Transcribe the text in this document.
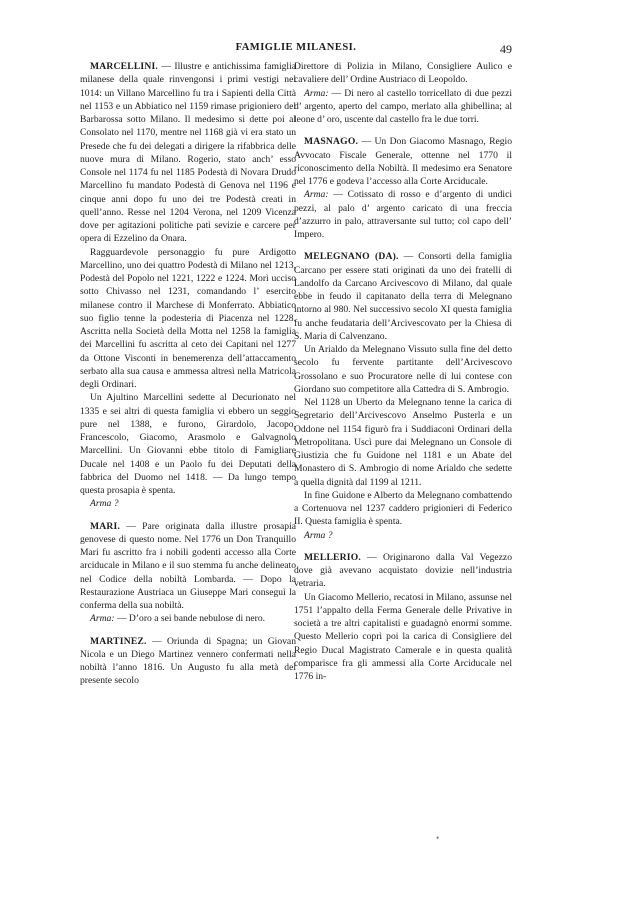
FAMIGLIE MILANESI.	49

MARCELLINI. — Illustre e antichissima famiglia milanese della quale rinvengonsi i primi vestigi nel 1014: un Villano Marcellino fu tra i Sapienti della Città nel 1153 e un Abbiatico nel 1159 rimase prigioniero del Barbarossa sotto Milano. Il medesimo si dette poi al Consolato nel 1170, mentre nel 1168 già vi era stato un Presede che fu dei delegati a dirigere la rifabbrica delle nuove mura di Milano. Rogerio, stato anch’ esso Console nel 1174 fu nel 1185 Podestà di Novara Drudo Marcellino fu mandato Podestà di Genova nel 1196 e cinque anni dopo fu uno dei tre Podestà creati in quell’anno. Resse nel 1204 Verona, nel 1209 Vicenza dove per agitazioni politiche patì sevizie e carcere per opera di Ezzelino da Onara.

Ragguardevole personaggio fu pure Ardigotto Marcellino, uno dei quattro Podestà di Milano nel 1213, Podestà del Popolo nel 1221, 1222 e 1224. Morì ucciso sotto Chivasso nel 1231, comandando l’ esercito milanese contro il Marchese di Monferrato. Abbiatico suo figlio tenne la podesteria di Piacenza nel 1228. Ascritta nella Società della Motta nel 1258 la famiglia dei Marcellini fu ascritta al ceto dei Capitani nel 1277 da Ottone Visconti in benemerenza dell’attaccamento serbato alla sua causa e ammessa altresì nella Matricola degli Ordinari.

Un Ajultino Marcellini sedette al Decurionato nel 1335 e sei altri di questa famiglia vi ebbero un seggio pure nel 1388, e furono, Girardolo, Jacopo, Francescolo, Giacomo, Arasmolo e Galvagnolo Marcellini. Un Giovanni ebbe titolo di Famigliare Ducale nel 1408 e un Paolo fu dei Deputati della fabbrica del Duomo nel 1418. — Da lungo tempo questa prosapia è spenta.

Arma ?

MARI. — Pare originata dalla illustre prosapia genovese di questo nome. Nel 1776 un Don Tranquillo Mari fu ascritto fra i nobili godenti accesso alla Corte arciducale in Milano e il suo stemma fu anche delineato nel Codice della nobiltà Lombarda. — Dopo la Restaurazione Austriaca un Giuseppe Mari conseguì la conferma della sua nobiltà.

Arma: — D’oro a sei bande nebulose di nero.

MARTINEZ. — Oriunda di Spagna; un Giovan Nicola e un Diego Martinez vennero confermati nella nobiltà l’anno 1816. Un Augusto fu alla metà del presente secolo

Direttore di Polizia in Milano, Consigliere Aulico e cavaliere dell’ Ordine Austriaco di Leopoldo.

Arma: — Di nero al castello torricellato di due pezzi d’ argento, aperto del campo, merlato alla ghibellina; al leone d’ oro, uscente dal castello fra le due torri.

MASNAGO. — Un Don Giacomo Masnago, Regio Avvocato Fiscale Generale, ottenne nel 1770 il riconoscimento della Nobiltà. Il medesimo era Senatore nel 1776 e godeva l’accesso alla Corte Arciducale.

Arma: — Cotissato di rosso e d’argento di undici pezzi, al palo d’ argento caricato di una freccia d’azzurro in palo, attraversante sul tutto; col capo dell’ Impero.

MELEGNANO (DA). — Consorti della famiglia Carcano per essere stati originati da uno dei fratelli di Landolfo da Carcano Arcivescovo di Milano, dal quale ebbe in feudo il capitanato della terra di Melegnano intorno al 980. Nel successivo secolo XI questa famiglia fu anche feudataria dell’Arcivescovato per la Chiesa di S. Maria di Calvenzano.

Un Arialdo da Melegnano Vissuto sulla fine del detto secolo fu fervente partitante dell’Arcivescovo Grossolano e suo Procuratore nelle di lui contese con Giordano suo competitore alla Cattedra di S. Ambrogio.

Nel 1128 un Uberto da Melegnano tenne la carica di Segretario dell’Arcivescovo Anselmo Pusterla e un Oddone nel 1154 figurò fra i Suddiaconi Ordinari della Metropolitana. Uscì pure dai Melegnano un Console di Giustizia che fu Guidone nel 1181 e un Abate del Monastero di S. Ambrogio di nome Arialdo che sedette a quella dignità dal 1199 al 1211.

In fine Guidone e Alberto da Melegnano combattendo a Cortenuova nel 1237 caddero prigionieri di Federico II. Questa famiglia è spenta.

Arma ?

MELLERIO. — Originarono dalla Val Vegezzo dove già avevano acquistato dovizie nell’industria vetraria.

Un Giacomo Mellerio, recatosi in Milano, assunse nel 1751 l’appalto della Ferma Generale delle Privative in società a tre altri capitalisti e guadagnò enormi somme. Questo Mellerio coprì poi la carica di Consigliere del Regio Ducal Magistrato Camerale e in questa qualità comparisce fra gli ammessi alla Corte Arciducale nel 1776 in-

•
